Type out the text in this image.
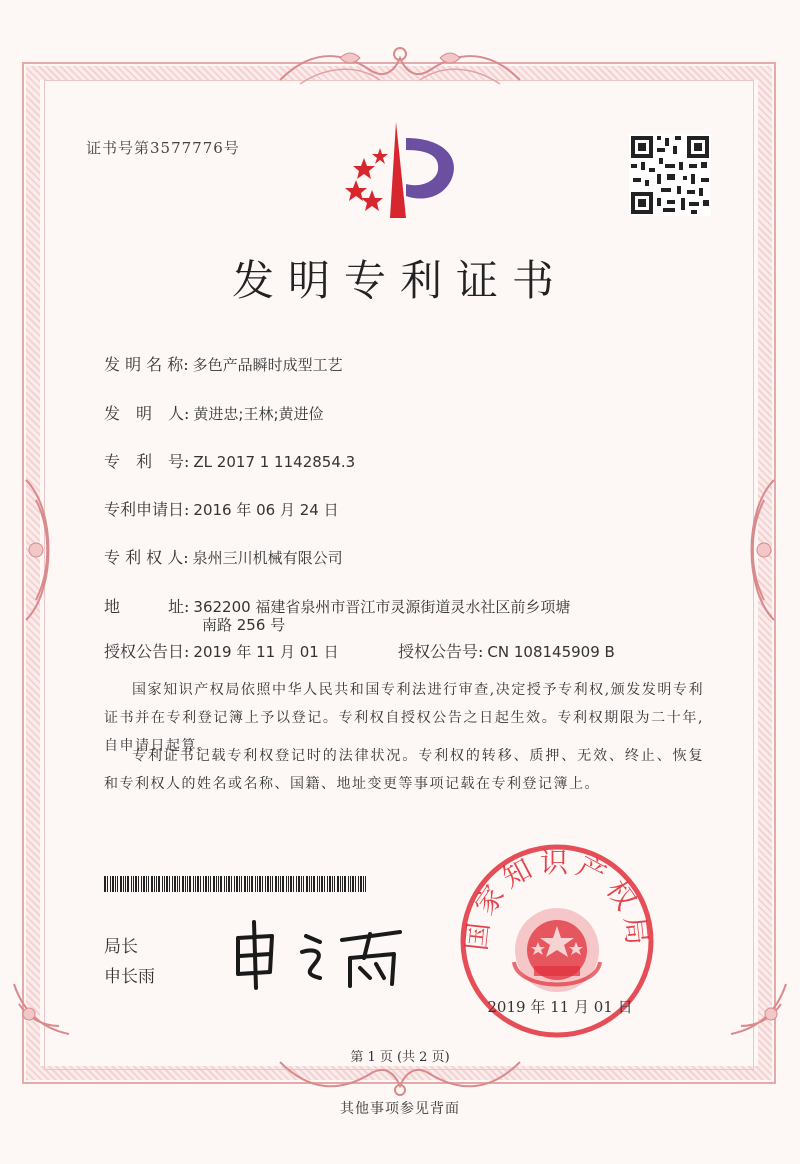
证书号第3577776号
发明专利证书
发 明 名 称: 多色产品瞬时成型工艺
发　明　人: 黄进忠;王林;黄进俭
专　利　号: ZL 2017 1 1142854.3
专利申请日: 2016 年 06 月 24 日
专 利 权 人: 泉州三川机械有限公司
地　　　址: 362200 福建省泉州市晋江市灵源街道灵水社区前乡项塘
南路 256 号
授权公告日: 2019 年 11 月 01 日	授权公告号: CN 108145909 B
国家知识产权局依照中华人民共和国专利法进行审查,决定授予专利权,颁发发明专利证书并在专利登记簿上予以登记。专利权自授权公告之日起生效。专利权期限为二十年,自申请日起算。
专利证书记载专利权登记时的法律状况。专利权的转移、质押、无效、终止、恢复和专利权人的姓名或名称、国籍、地址变更等事项记载在专利登记簿上。
局长
申长雨
国家知识产权局
2019 年 11 月 01 日
第 1 页 (共 2 页)
其他事项参见背面
